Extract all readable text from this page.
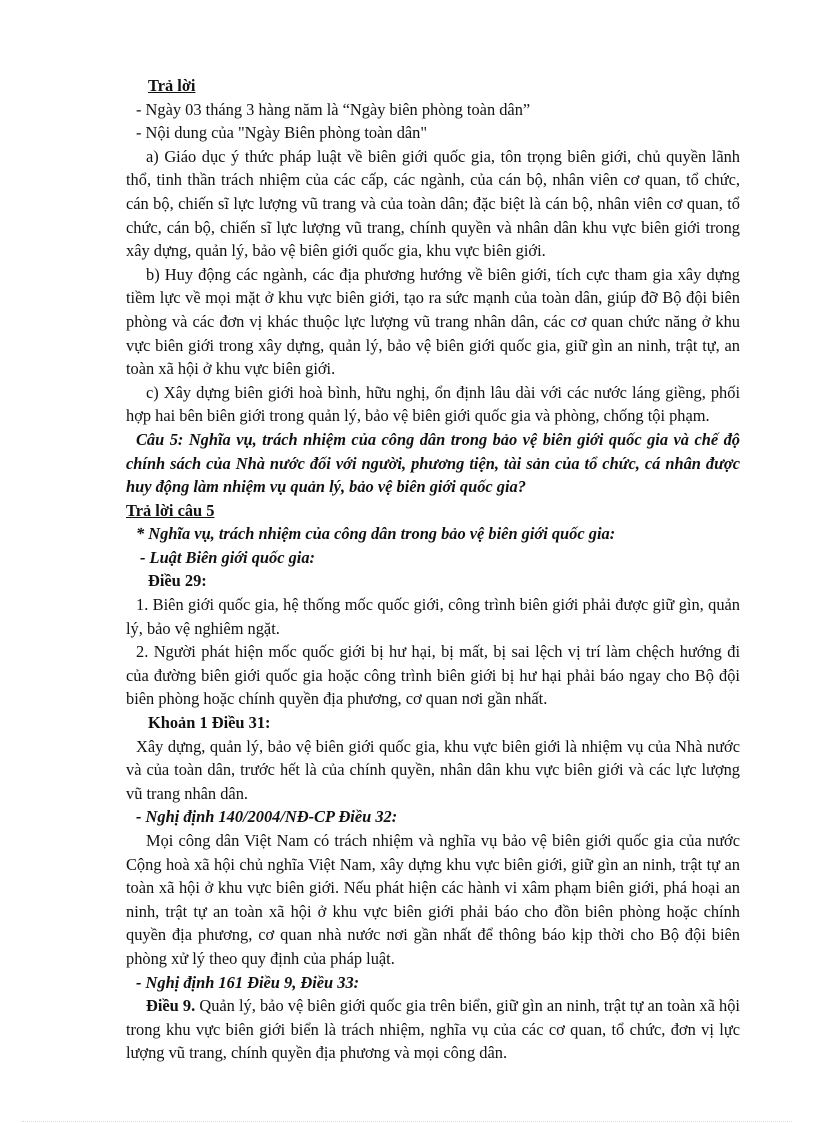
Trả lời

- Ngày 03 tháng 3 hàng năm là “Ngày biên phòng toàn dân”

- Nội dung của "Ngày Biên phòng toàn dân"

a) Giáo dục ý thức pháp luật về biên giới quốc gia, tôn trọng biên giới, chủ quyền lãnh thổ, tinh thần trách nhiệm của các cấp, các ngành, của cán bộ, nhân viên cơ quan, tổ chức, cán bộ, chiến sĩ lực lượng vũ trang và của toàn dân; đặc biệt là cán bộ, nhân viên cơ quan, tổ chức, cán bộ, chiến sĩ lực lượng vũ trang, chính quyền và nhân dân khu vực biên giới trong xây dựng, quản lý, bảo vệ biên giới quốc gia, khu vực biên giới.

b) Huy động các ngành, các địa phương hướng về biên giới, tích cực tham gia xây dựng tiềm lực về mọi mặt ở khu vực biên giới, tạo ra sức mạnh của toàn dân, giúp đỡ Bộ đội biên phòng và các đơn vị khác thuộc lực lượng vũ trang nhân dân, các cơ quan chức năng ở khu vực biên giới trong xây dựng, quản lý, bảo vệ biên giới quốc gia, giữ gìn an ninh, trật tự, an toàn xã hội ở khu vực biên giới.

c) Xây dựng biên giới hoà bình, hữu nghị, ổn định lâu dài với các nước láng giềng, phối hợp hai bên biên giới trong quản lý, bảo vệ biên giới quốc gia và phòng, chống tội phạm.

Câu 5: Nghĩa vụ, trách nhiệm của công dân trong bảo vệ biên giới quốc gia và chế độ chính sách của Nhà nước đối với người, phương tiện, tài sản của tổ chức, cá nhân được huy động làm nhiệm vụ quản lý, bảo vệ biên giới quốc gia?

Trả lời câu 5

* Nghĩa vụ, trách nhiệm của công dân trong bảo vệ biên giới quốc gia:

- Luật Biên giới quốc gia:

Điều 29:

1. Biên giới quốc gia, hệ thống mốc quốc giới, công trình biên giới phải được giữ gìn, quản lý, bảo vệ nghiêm ngặt.

2. Người phát hiện mốc quốc giới bị hư hại, bị mất, bị sai lệch vị trí làm chệch hướng đi của đường biên giới quốc gia hoặc công trình biên giới bị hư hại phải báo ngay cho Bộ đội biên phòng hoặc chính quyền địa phương, cơ quan nơi gần nhất.

Khoản 1 Điều 31:

Xây dựng, quản lý, bảo vệ biên giới quốc gia, khu vực biên giới là nhiệm vụ của Nhà nước và của toàn dân, trước hết là của chính quyền, nhân dân khu vực biên giới và các lực lượng vũ trang nhân dân.

- Nghị định 140/2004/NĐ-CP Điều 32:

Mọi công dân Việt Nam có trách nhiệm và nghĩa vụ bảo vệ biên giới quốc gia của nước Cộng hoà xã hội chủ nghĩa Việt Nam, xây dựng khu vực biên giới, giữ gìn an ninh, trật tự an toàn xã hội ở khu vực biên giới. Nếu phát hiện các hành vi xâm phạm biên giới, phá hoại an ninh, trật tự an toàn xã hội ở khu vực biên giới phải báo cho đồn biên phòng hoặc chính quyền địa phương, cơ quan nhà nước nơi gần nhất để thông báo kịp thời cho Bộ đội biên phòng xử lý theo quy định của pháp luật.

- Nghị định 161 Điều 9, Điều 33:

Điều 9. Quản lý, bảo vệ biên giới quốc gia trên biển, giữ gìn an ninh, trật tự an toàn xã hội trong khu vực biên giới biển là trách nhiệm, nghĩa vụ của các cơ quan, tổ chức, đơn vị lực lượng vũ trang, chính quyền địa phương và mọi công dân.
